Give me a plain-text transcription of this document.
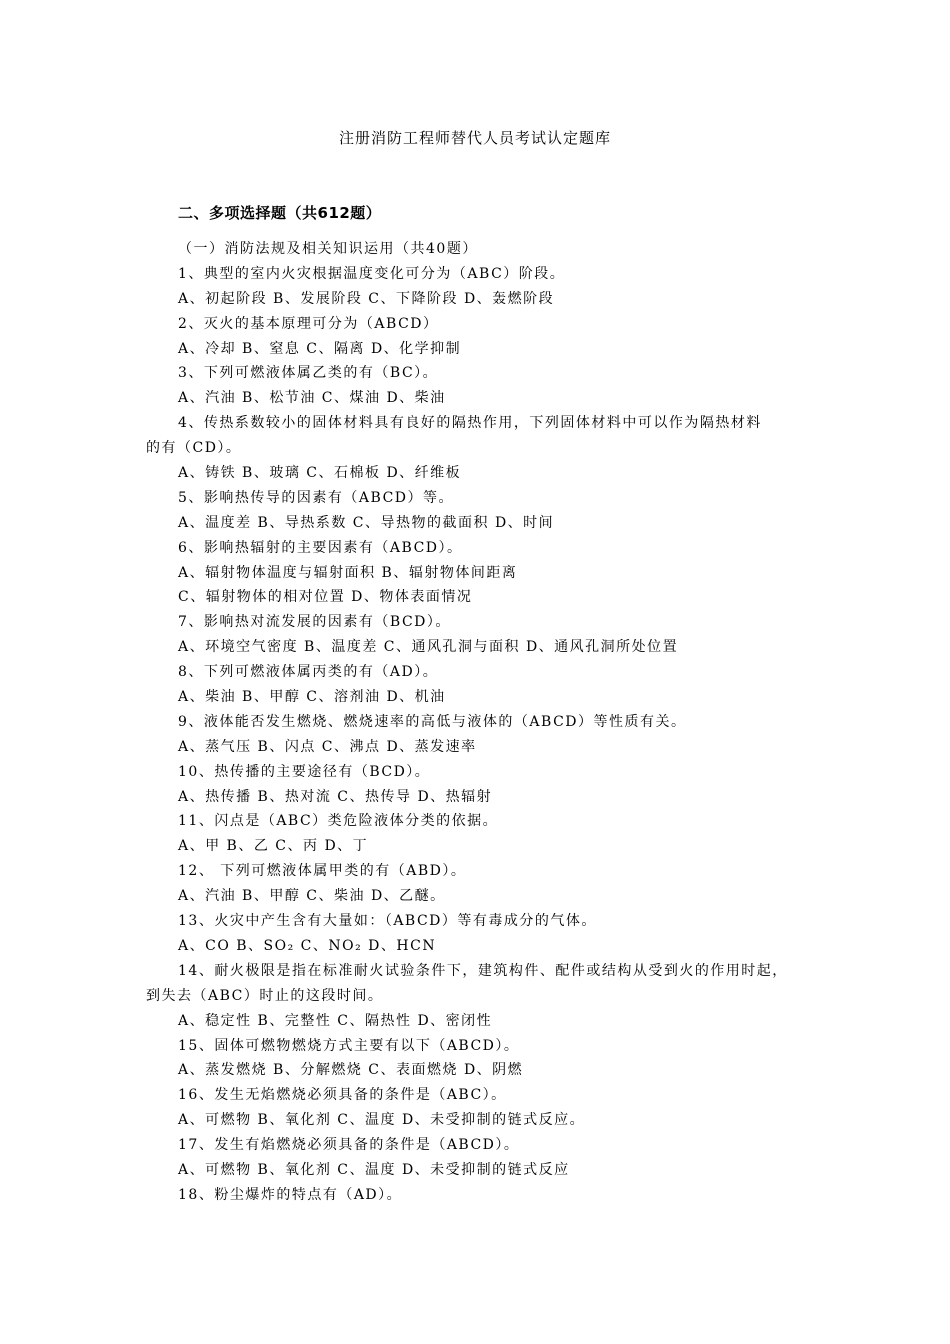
注册消防工程师替代人员考试认定题库
二、多项选择题（共612题）
（一）消防法规及相关知识运用（共40题）
1、典型的室内火灾根据温度变化可分为（ABC）阶段。
A、初起阶段 B、发展阶段 C、下降阶段 D、轰燃阶段
2、灭火的基本原理可分为（ABCD）
A、冷却 B、窒息 C、隔离 D、化学抑制
3、下列可燃液体属乙类的有（BC）。
A、汽油 B、松节油 C、煤油 D、柴油
4、传热系数较小的固体材料具有良好的隔热作用，下列固体材料中可以作为隔热材料
的有（CD）。
A、铸铁 B、玻璃 C、石棉板 D、纤维板
5、影响热传导的因素有（ABCD）等。
A、温度差 B、导热系数 C、导热物的截面积 D、时间
6、影响热辐射的主要因素有（ABCD）。
A、辐射物体温度与辐射面积 B、辐射物体间距离
C、辐射物体的相对位置 D、物体表面情况
7、影响热对流发展的因素有（BCD）。
A、环境空气密度 B、温度差 C、通风孔洞与面积 D、通风孔洞所处位置
8、下列可燃液体属丙类的有（AD）。
A、柴油 B、甲醇 C、溶剂油 D、机油
9、液体能否发生燃烧、燃烧速率的高低与液体的（ABCD）等性质有关。
A、蒸气压 B、闪点 C、沸点 D、蒸发速率
10、热传播的主要途径有（BCD）。
A、热传播 B、热对流 C、热传导 D、热辐射
11、闪点是（ABC）类危险液体分类的依据。
A、甲 B、乙 C、丙 D、丁
12、 下列可燃液体属甲类的有（ABD）。
A、汽油 B、甲醇 C、柴油 D、乙醚。
13、火灾中产生含有大量如：（ABCD）等有毒成分的气体。
A、CO B、SO₂ C、NO₂ D、HCN
14、耐火极限是指在标准耐火试验条件下，建筑构件、配件或结构从受到火的作用时起，
到失去（ABC）时止的这段时间。
A、稳定性 B、完整性 C、隔热性 D、密闭性
15、固体可燃物燃烧方式主要有以下（ABCD）。
A、蒸发燃烧 B、分解燃烧 C、表面燃烧 D、阴燃
16、发生无焰燃烧必须具备的条件是（ABC）。
A、可燃物 B、氧化剂 C、温度 D、未受抑制的链式反应。
17、发生有焰燃烧必须具备的条件是（ABCD）。
A、可燃物 B、氧化剂 C、温度 D、未受抑制的链式反应
18、粉尘爆炸的特点有（AD）。
